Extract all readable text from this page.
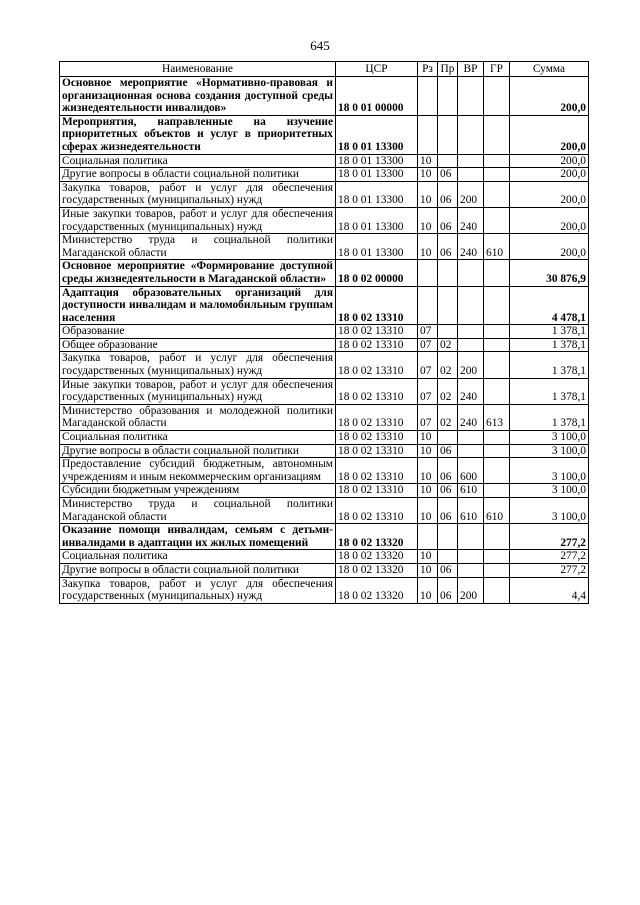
645
Наименование	ЦСР	Рз	Пр	ВР	ГР	Сумма
Основное мероприятие «Нормативно-правовая и организационная основа создания доступной среды жизнедеятельности инвалидов»	18 0 01 00000					200,0
Мероприятия, направленные на изучение приоритетных объектов и услуг в приоритетных сферах жизнедеятельности	18 0 01 13300					200,0
Социальная политика	18 0 01 13300	10				200,0
Другие вопросы в области социальной политики	18 0 01 13300	10	06			200,0
Закупка товаров, работ и услуг для обеспечения государственных (муниципальных) нужд	18 0 01 13300	10	06	200		200,0
Иные закупки товаров, работ и услуг для обеспечения государственных (муниципальных) нужд	18 0 01 13300	10	06	240		200,0
Министерство труда и социальной политики Магаданской области	18 0 01 13300	10	06	240	610	200,0
Основное мероприятие «Формирование доступной среды жизнедеятельности в Магаданской области»	18 0 02 00000					30 876,9
Адаптация образовательных организаций для доступности инвалидам и маломобильным группам населения	18 0 02 13310					4 478,1
Образование	18 0 02 13310	07				1 378,1
Общее образование	18 0 02 13310	07	02			1 378,1
Закупка товаров, работ и услуг для обеспечения государственных (муниципальных) нужд	18 0 02 13310	07	02	200		1 378,1
Иные закупки товаров, работ и услуг для обеспечения государственных (муниципальных) нужд	18 0 02 13310	07	02	240		1 378,1
Министерство образования и молодежной политики Магаданской области	18 0 02 13310	07	02	240	613	1 378,1
Социальная политика	18 0 02 13310	10				3 100,0
Другие вопросы в области социальной политики	18 0 02 13310	10	06			3 100,0
Предоставление субсидий бюджетным, автономным учреждениям и иным некоммерческим организациям	18 0 02 13310	10	06	600		3 100,0
Субсидии бюджетным учреждениям	18 0 02 13310	10	06	610		3 100,0
Министерство труда и социальной политики Магаданской области	18 0 02 13310	10	06	610	610	3 100,0
Оказание помощи инвалидам, семьям с детьми-инвалидами в адаптации их жилых помещений	18 0 02 13320					277,2
Социальная политика	18 0 02 13320	10				277,2
Другие вопросы в области социальной политики	18 0 02 13320	10	06			277,2
Закупка товаров, работ и услуг для обеспечения государственных (муниципальных) нужд	18 0 02 13320	10	06	200		4,4
